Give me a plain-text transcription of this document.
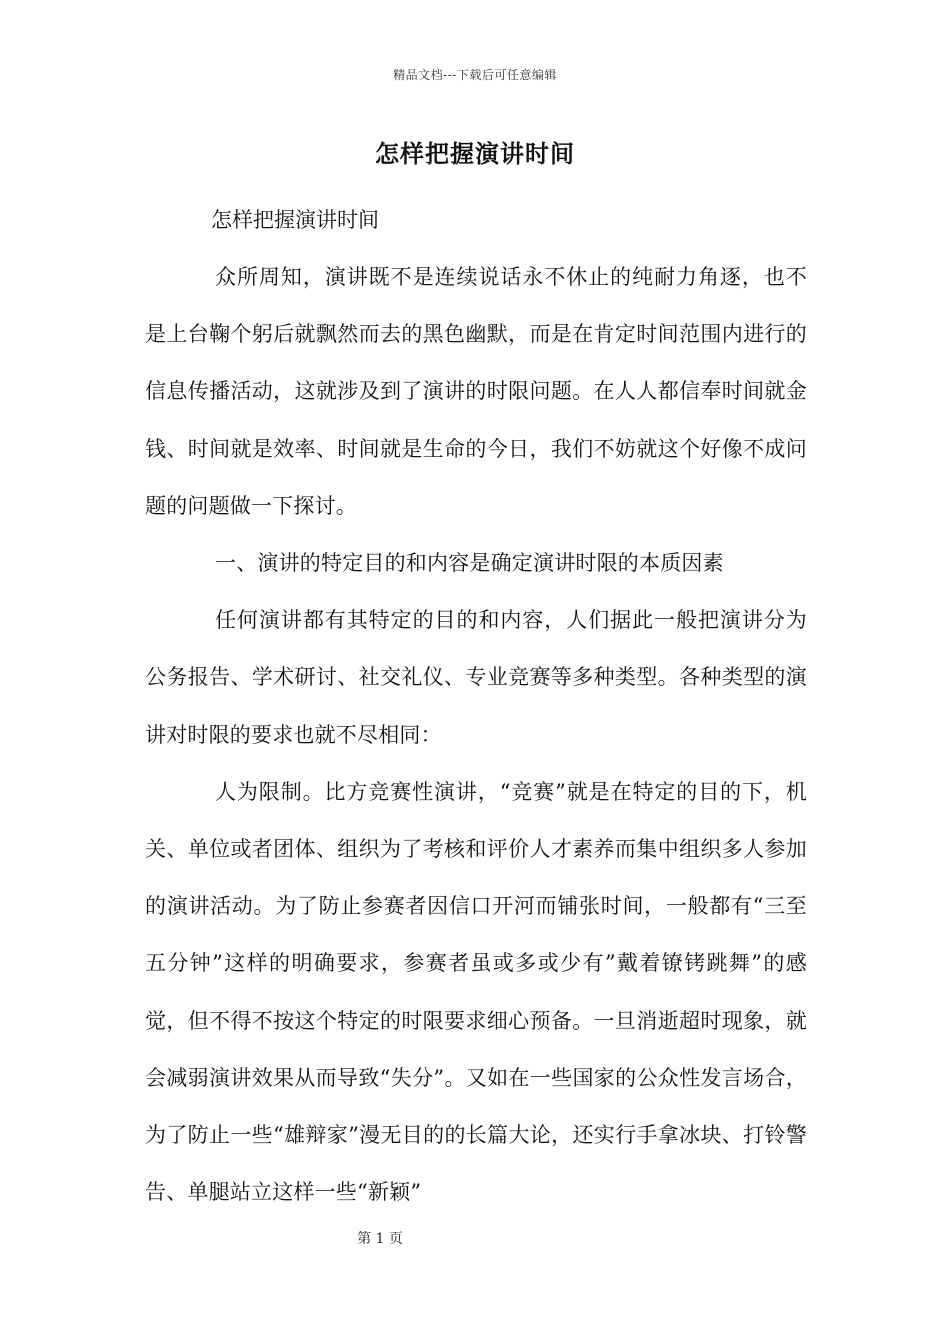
精品文档---下载后可任意编辑
怎样把握演讲时间

怎样把握演讲时间

众所周知，演讲既不是连续说话永不休止的纯耐力角逐，也不是上台鞠个躬后就飘然而去的黑色幽默，而是在肯定时间范围内进行的信息传播活动，这就涉及到了演讲的时限问题。在人人都信奉时间就金钱、时间就是效率、时间就是生命的今日，我们不妨就这个好像不成问题的问题做一下探讨。

一、演讲的特定目的和内容是确定演讲时限的本质因素

任何演讲都有其特定的目的和内容，人们据此一般把演讲分为公务报告、学术研讨、社交礼仪、专业竞赛等多种类型。各种类型的演讲对时限的要求也就不尽相同：

人为限制。比方竞赛性演讲，“竞赛”就是在特定的目的下，机关、单位或者团体、组织为了考核和评价人才素养而集中组织多人参加的演讲活动。为了防止参赛者因信口开河而铺张时间，一般都有“三至五分钟”这样的明确要求，参赛者虽或多或少有”戴着镣铐跳舞”的感觉，但不得不按这个特定的时限要求细心预备。一旦消逝超时现象，就会减弱演讲效果从而导致“失分”。又如在一些国家的公众性发言场合，为了防止一些“雄辩家”漫无目的的长篇大论，还实行手拿冰块、打铃警告、单腿站立这样一些“新颖”

第 1 页
